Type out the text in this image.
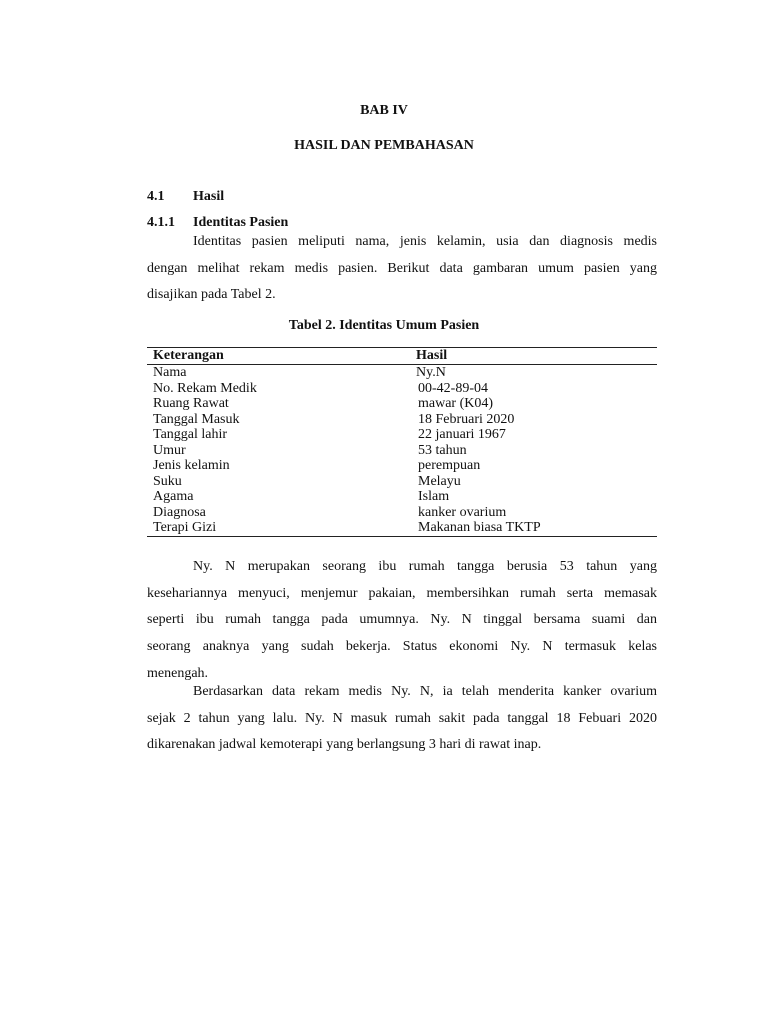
BAB IV
HASIL DAN PEMBAHASAN
4.1 Hasil
4.1.1 Identitas Pasien
Identitas pasien meliputi nama, jenis kelamin, usia dan diagnosis medis
dengan melihat rekam medis pasien. Berikut data gambaran umum pasien yang
disajikan pada Tabel 2.
Tabel 2. Identitas Umum Pasien
Keterangan	Hasil
Nama	Ny.N
No. Rekam Medik	00-42-89-04
Ruang Rawat	mawar (K04)
Tanggal Masuk	18 Februari 2020
Tanggal lahir	22 januari 1967
Umur	53 tahun
Jenis kelamin	perempuan
Suku	Melayu
Agama	Islam
Diagnosa	kanker ovarium
Terapi Gizi	Makanan biasa TKTP
Ny. N merupakan seorang ibu rumah tangga berusia 53 tahun yang
kesehariannya menyuci, menjemur pakaian, membersihkan rumah serta memasak
seperti ibu rumah tangga pada umumnya. Ny. N tinggal bersama suami dan
seorang anaknya yang sudah bekerja. Status ekonomi Ny. N termasuk kelas
menengah.
Berdasarkan data rekam medis Ny. N, ia telah menderita kanker ovarium
sejak 2 tahun yang lalu. Ny. N masuk rumah sakit pada tanggal 18 Febuari 2020
dikarenakan jadwal kemoterapi yang berlangsung 3 hari di rawat inap.
